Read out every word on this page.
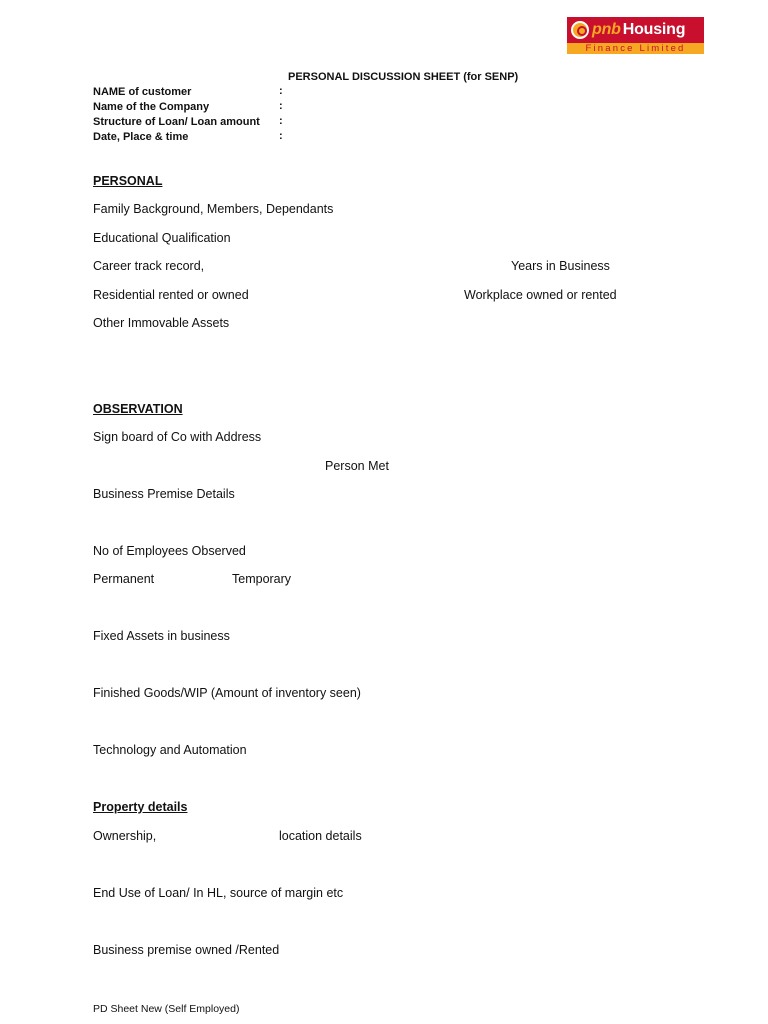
pnb Housing
Finance Limited
PERSONAL DISCUSSION SHEET (for SENP)
NAME of customer	:
Name of the Company	:
Structure of Loan/ Loan amount :
Date, Place & time	:
PERSONAL
Family Background, Members, Dependants
Educational Qualification
Career track record,	Years in Business
Residential rented or owned	Workplace owned or rented
Other Immovable Assets
OBSERVATION
Sign board of Co with Address
Person Met
Business Premise Details
No of Employees Observed
Permanent	Temporary
Fixed Assets in business
Finished Goods/WIP (Amount of inventory seen)
Technology and Automation
Property details
Ownership,	location details
End Use of Loan/ In HL, source of margin etc
Business premise owned /Rented
PD Sheet New (Self Employed)
